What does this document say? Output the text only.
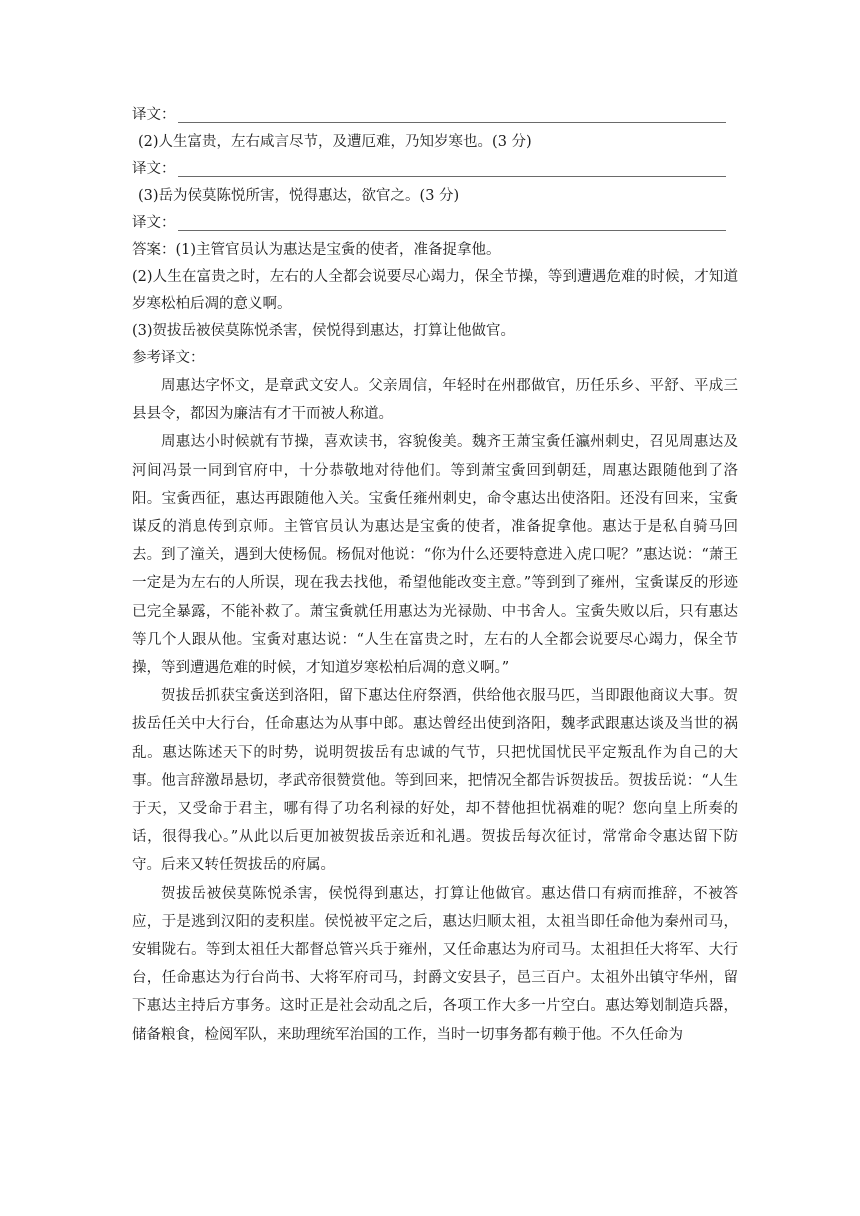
译文：
(2)人生富贵，左右咸言尽节，及遭厄难，乃知岁寒也。(3 分)
译文：
(3)岳为侯莫陈悦所害，悦得惠达，欲官之。(3 分)
译文：
答案：(1)主管官员认为惠达是宝夤的使者，准备捉拿他。
(2)人生在富贵之时，左右的人全都会说要尽心竭力，保全节操，等到遭遇危难的时候，才知道岁寒松柏后凋的意义啊。
(3)贺拔岳被侯莫陈悦杀害，侯悦得到惠达，打算让他做官。
参考译文：

周惠达字怀文，是章武文安人。父亲周信，年轻时在州郡做官，历任乐乡、平舒、平成三县县令，都因为廉洁有才干而被人称道。

周惠达小时候就有节操，喜欢读书，容貌俊美。魏齐王萧宝夤任瀛州刺史，召见周惠达及河间冯景一同到官府中，十分恭敬地对待他们。等到萧宝夤回到朝廷，周惠达跟随他到了洛阳。宝夤西征，惠达再跟随他入关。宝夤任雍州刺史，命令惠达出使洛阳。还没有回来，宝夤谋反的消息传到京师。主管官员认为惠达是宝夤的使者，准备捉拿他。惠达于是私自骑马回去。到了潼关，遇到大使杨侃。杨侃对他说：“你为什么还要特意进入虎口呢？”惠达说：“萧王一定是为左右的人所误，现在我去找他，希望他能改变主意。”等到到了雍州，宝夤谋反的形迹已完全暴露，不能补救了。萧宝夤就任用惠达为光禄勋、中书舍人。宝夤失败以后，只有惠达等几个人跟从他。宝夤对惠达说：“人生在富贵之时，左右的人全都会说要尽心竭力，保全节操，等到遭遇危难的时候，才知道岁寒松柏后凋的意义啊。”

贺拔岳抓获宝夤送到洛阳，留下惠达住府祭酒，供给他衣服马匹，当即跟他商议大事。贺拔岳任关中大行台，任命惠达为从事中郎。惠达曾经出使到洛阳，魏孝武跟惠达谈及当世的祸乱。惠达陈述天下的时势，说明贺拔岳有忠诚的气节，只把忧国忧民平定叛乱作为自己的大事。他言辞激昂悬切，孝武帝很赞赏他。等到回来，把情况全都告诉贺拔岳。贺拔岳说：“人生于天，又受命于君主，哪有得了功名利禄的好处，却不替他担忧祸难的呢？您向皇上所奏的话，很得我心。”从此以后更加被贺拔岳亲近和礼遇。贺拔岳每次征讨，常常命令惠达留下防守。后来又转任贺拔岳的府属。

贺拔岳被侯莫陈悦杀害，侯悦得到惠达，打算让他做官。惠达借口有病而推辞，不被答应，于是逃到汉阳的麦积崖。侯悦被平定之后，惠达归顺太祖，太祖当即任命他为秦州司马，安辑陇右。等到太祖任大都督总管兴兵于雍州，又任命惠达为府司马。太祖担任大将军、大行台，任命惠达为行台尚书、大将军府司马，封爵文安县子，邑三百户。太祖外出镇守华州，留下惠达主持后方事务。这时正是社会动乱之后，各项工作大多一片空白。惠达筹划制造兵器，储备粮食，检阅军队，来助理统军治国的工作，当时一切事务都有赖于他。不久任命为
